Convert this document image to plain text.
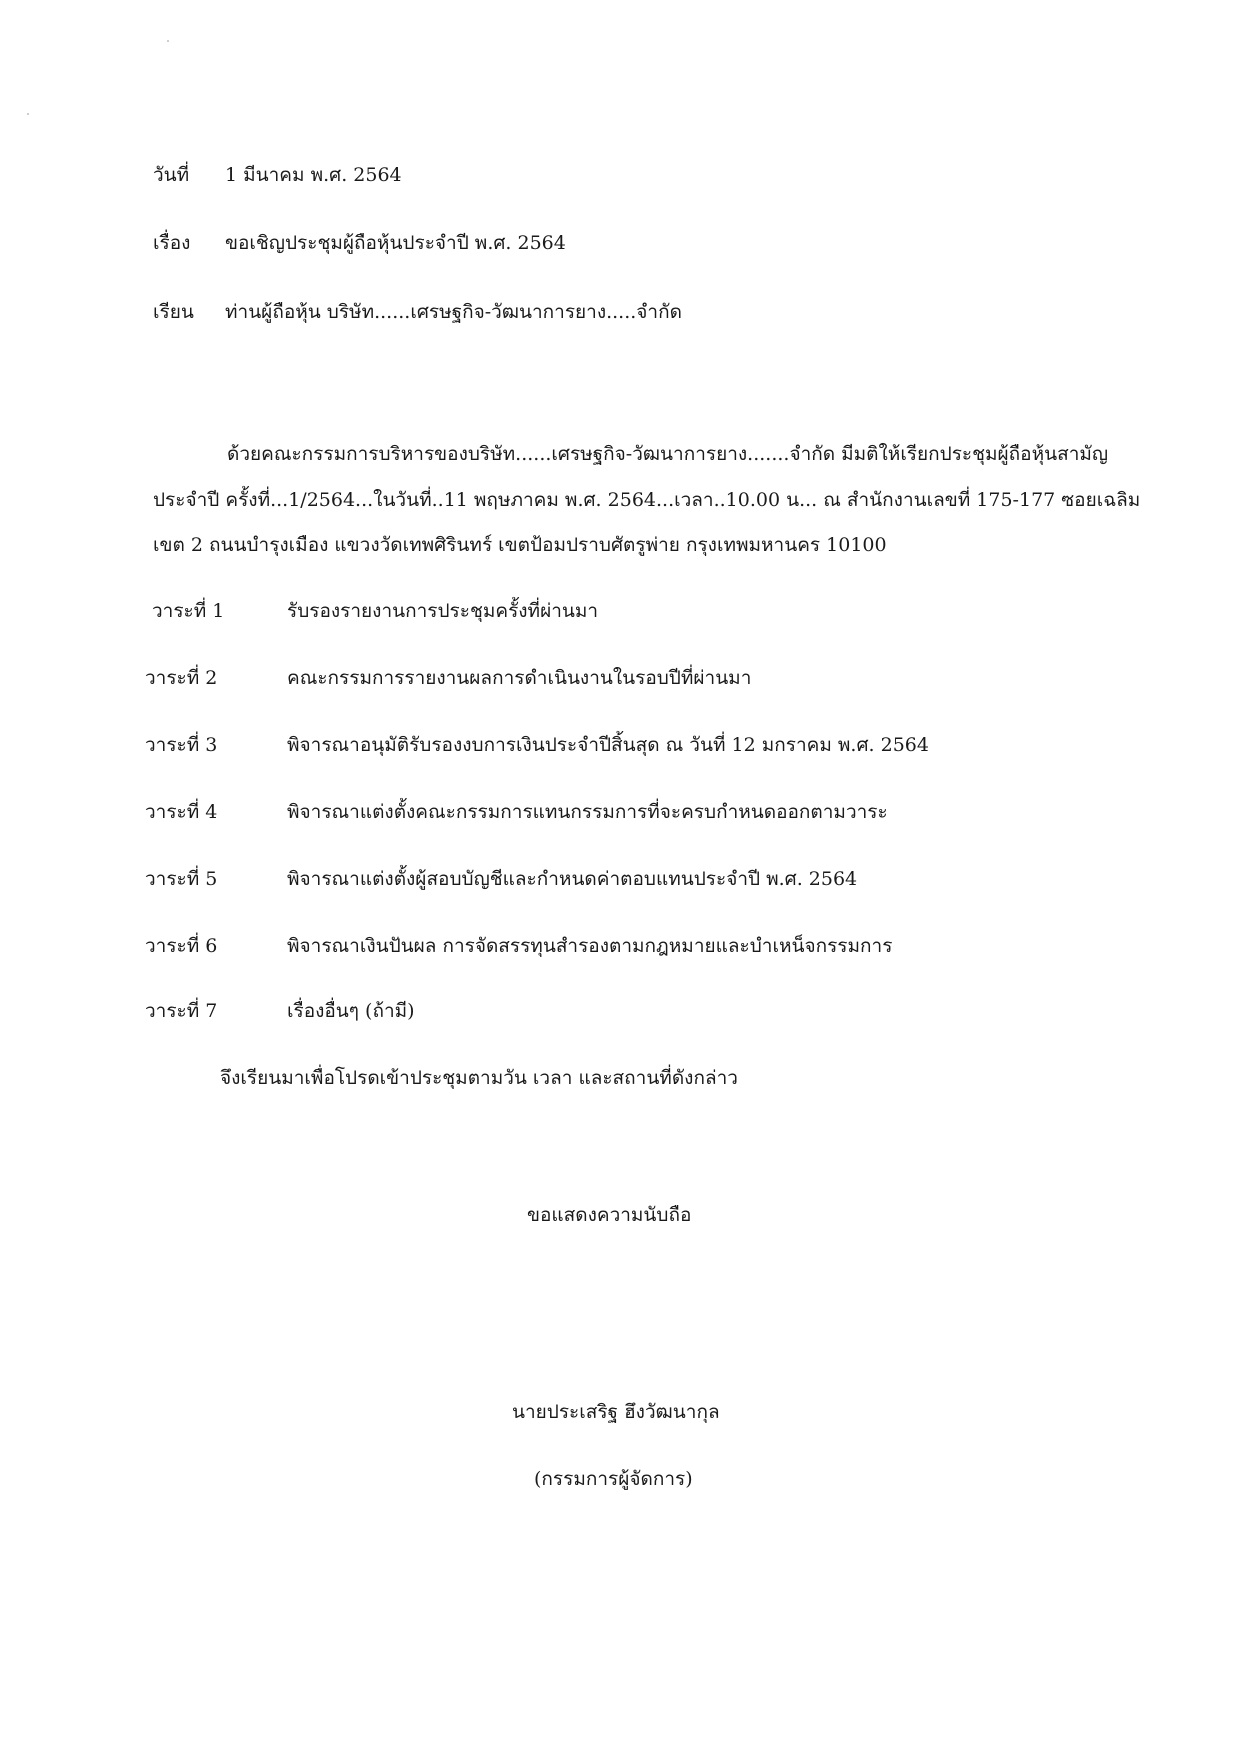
วันที่ 1 มีนาคม พ.ศ. 2564
เรื่อง ขอเชิญประชุมผู้ถือหุ้นประจำปี พ.ศ. 2564
เรียน ท่านผู้ถือหุ้น บริษัท......เศรษฐกิจ-วัฒนาการยาง.....จำกัด
ด้วยคณะกรรมการบริหารของบริษัท......เศรษฐกิจ-วัฒนาการยาง.......จำกัด มีมติให้เรียกประชุมผู้ถือหุ้นสามัญ
ประจำปี ครั้งที่...1/2564...ในวันที่..11 พฤษภาคม พ.ศ. 2564...เวลา..10.00 น... ณ สำนักงานเลขที่ 175-177 ซอยเฉลิม
เขต 2 ถนนบำรุงเมือง แขวงวัดเทพศิรินทร์ เขตป้อมปราบศัตรูพ่าย กรุงเทพมหานคร 10100
วาระที่ 1	รับรองรายงานการประชุมครั้งที่ผ่านมา
วาระที่ 2	คณะกรรมการรายงานผลการดำเนินงานในรอบปีที่ผ่านมา
วาระที่ 3	พิจารณาอนุมัติรับรองงบการเงินประจำปีสิ้นสุด ณ วันที่ 12 มกราคม พ.ศ. 2564
วาระที่ 4	พิจารณาแต่งตั้งคณะกรรมการแทนกรรมการที่จะครบกำหนดออกตามวาระ
วาระที่ 5	พิจารณาแต่งตั้งผู้สอบบัญชีและกำหนดค่าตอบแทนประจำปี พ.ศ. 2564
วาระที่ 6	พิจารณาเงินปันผล การจัดสรรทุนสำรองตามกฎหมายและบำเหน็จกรรมการ
วาระที่ 7	เรื่องอื่นๆ (ถ้ามี)
จึงเรียนมาเพื่อโปรดเข้าประชุมตามวัน เวลา และสถานที่ดังกล่าว
ขอแสดงความนับถือ
นายประเสริฐ ฮึงวัฒนากุล
(กรรมการผู้จัดการ)
